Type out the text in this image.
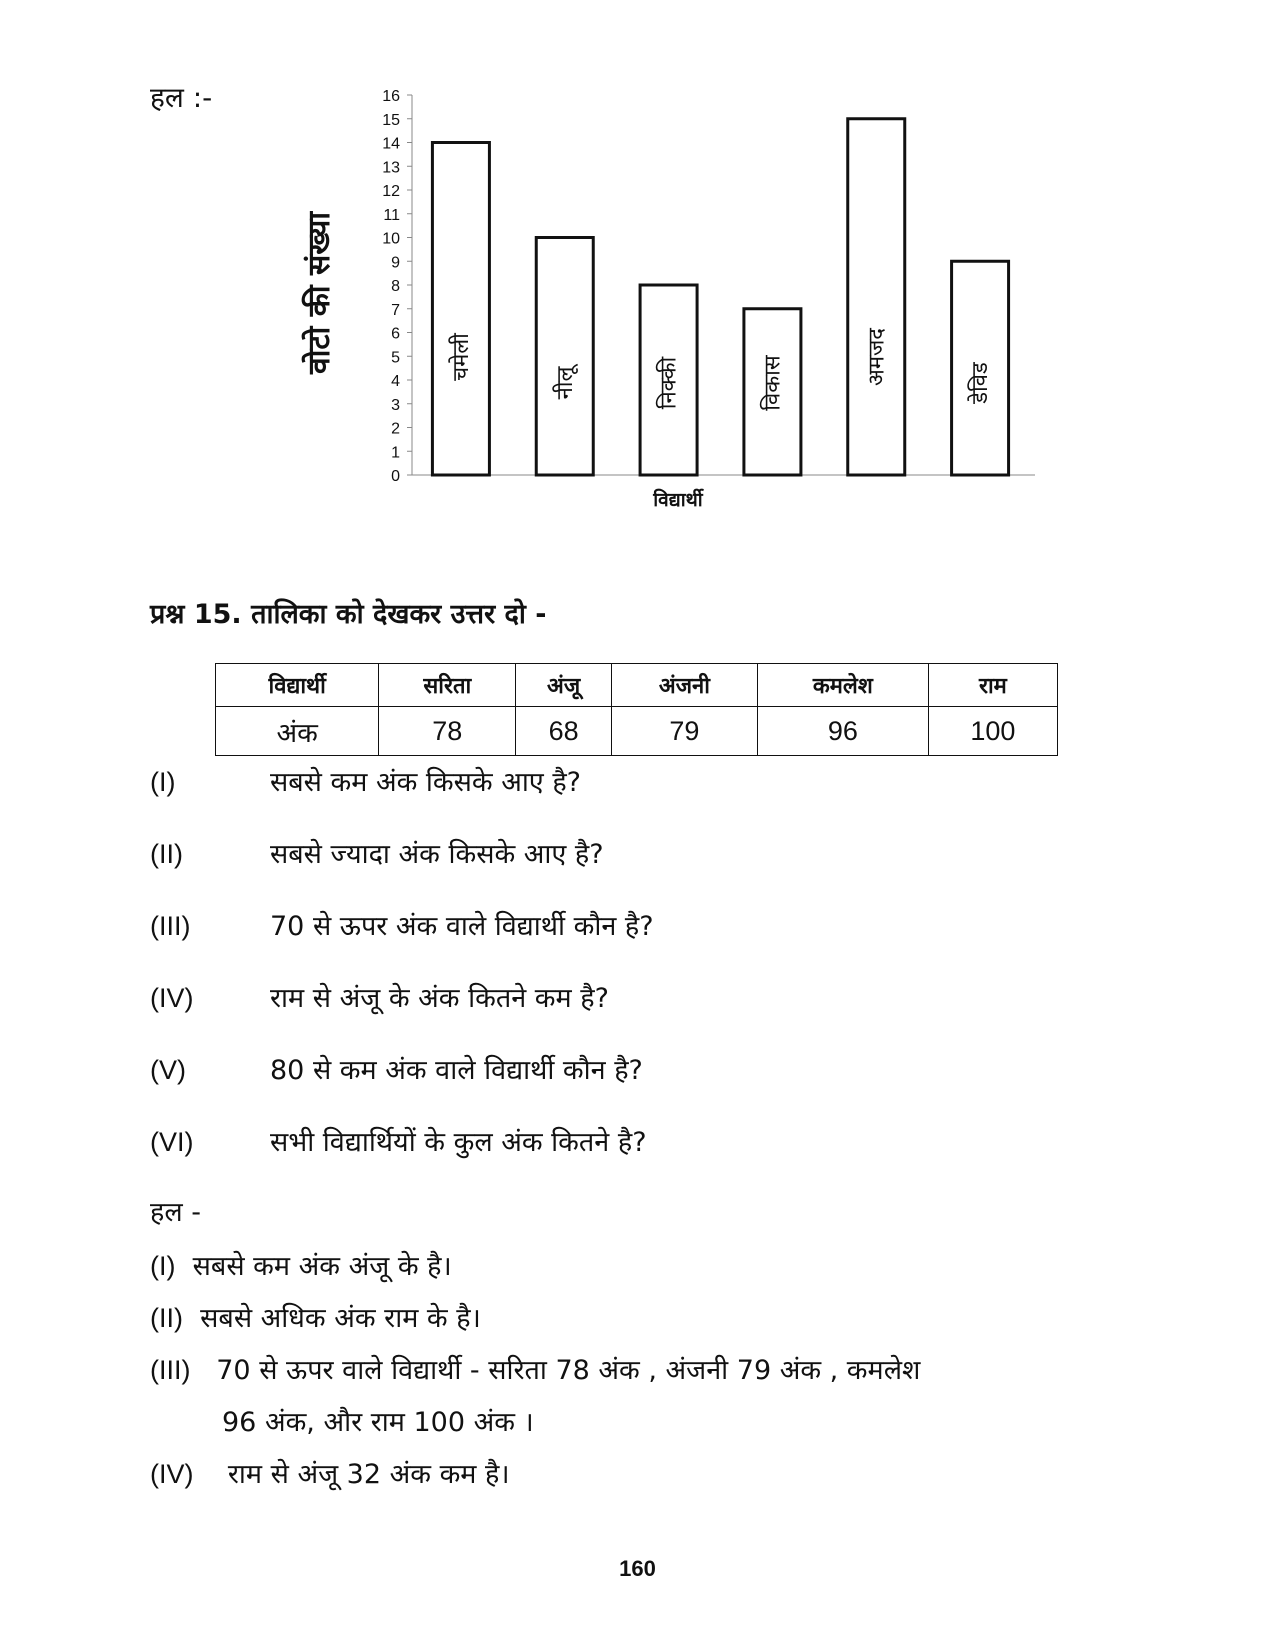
हल :-
0
1
2
3
4
5
6
7
8
9
10
11
12
13
14
15
16
वोटो की संख्या	चमेली
नीलू	निक्की	विकास	अमजद	डेविड
विद्यार्थी
प्रश्न 15. तालिका को देखकर उत्तर दो -
विद्यार्थी	सरिता	अंजू	अंजनी	कमलेश	राम
अंक	78	68	79	96	100
(I)	सबसे कम अंक किसके आए है?
(II)	सबसे ज्यादा अंक किसके आए है?
(III)	70 से ऊपर अंक वाले विद्यार्थी कौन है?
(IV)	राम से अंजू के अंक कितने कम है?
(V)	80 से कम अंक वाले विद्यार्थी कौन है?
(VI)	सभी विद्यार्थियों के कुल अंक कितने है?
हल -
(I) सबसे कम अंक अंजू के है।
(II) सबसे अधिक अंक राम के है।
(III) 70 से ऊपर वाले विद्यार्थी - सरिता 78 अंक , अंजनी 79 अंक , कमलेश
96 अंक, और राम 100 अंक ।
(IV) राम से अंजू 32 अंक कम है।
160
